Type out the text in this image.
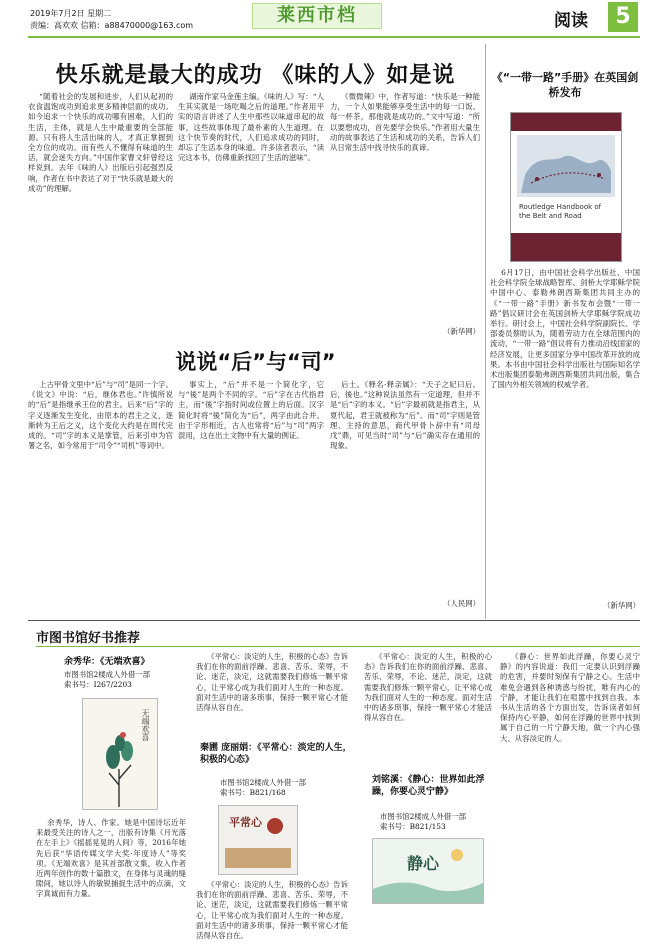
2019年7月2日 星期二
责编：高欢欢 信箱：a88470000@163.com	莱西市档	阅读	5
快乐就是最大的成功 《味的人》如是说

“随着社会的发展和进步，人们从起初的衣食温饱成功到追求更多精神层面的成功。如今追求一个快乐的成功哪有困难，人们的生活，主体，就是人生中最重要的全部能源。只有将人生活出味的人，才真正掌握到全方位的成功。而有些人不懂得有味道的生活，就会迷失方向。”中国作家曹文轩曾经这样说到。去年《味的人》出版后引起强烈反响，作者在书中表达了对于“快乐就是最大的成功”的理解。

湖南作家马金莲主编。《味的人》写：“人生其实就是一场吃喝之后的道理。”作者用平实的语言讲述了人生中那些以味道串起的故事，这些故事体现了最朴素的人生道理。在这个快节奏的时代，人们追求成功的同时，却忘了生活本身的味道。许多读者表示，“读完这本书，仿佛重新找回了生活的滋味”。

《微微辣》中，作者写道：“快乐是一种能力，一个人如果能够享受生活中的每一口饭、每一杯茶，那他就是成功的。”文中写道：“所以要想成功，首先要学会快乐。”作者用大量生动的故事表达了生活和成功的关系，告诉人们从日常生活中找寻快乐的真谛。

（新华网）
说说“后”与“司”

上古甲骨文里中“后”与“司”是同一个字。《说文》中说：“后，继体君也。”许慎所说的“后”是指继承王位的君主。后来“后”字的字义逐渐发生变化，由原本的君主之义，逐渐转为王后之义，这个变化大约是在周代完成的。“司”字的本义是掌管，后来引申为官署之名，如今常用于“司令”“司机”等词中。

事实上，“后”并不是一个简化字，它与“後”是两个不同的字。“后”字在古代指君主，而“後”字指时间或位置上的后面。汉字简化时将“後”简化为“后”，两字由此合并。由于字形相近，古人也常将“后”与“司”两字混用，这在出土文物中有大量的例证。

后土。《释名·释亲属》：“天子之妃曰后。后，後也。”这种说法虽然有一定道理，但并不是“后”字的本义。“后”字最初就是指君主，从夏代起，君王就被称为“后”。而“司”字则是管理、主持的意思，商代甲骨卜辞中有“司母戊”鼎，可见当时“司”与“后”确实存在通用的现象。

（人民网）
《“一带一路”手册》在英国剑桥发布
Routledge Handbook of the Belt and Road

6月17日，由中国社会科学出版社、中国社会科学院全球战略智库、剑桥大学耶稣学院中国中心、泰勒弗朗西斯集团共同主办的《“一带一路”手册》新书发布会暨“一带一路”倡议研讨会在英国剑桥大学耶稣学院成功举行。研讨会上，中国社会科学院副院长、学部委员蔡昉认为，随着劳动力在全球范围内的流动，“一带一路”倡议将有力推动沿线国家的经济发展，让更多国家分享中国改革开放的成果。本书由中国社会科学出版社与国际知名学术出版集团泰勒弗朗西斯集团共同出版，集合了国内外相关领域的权威学者。

（新华网）
市图书馆好书推荐
余秀华：《无端欢喜》
市图书馆2楼成人外借一部
索书号：I267/2203
无端欢喜

余秀华，诗人、作家。她是中国诗坛近年来最受关注的诗人之一，出版有诗集《月光落在左手上》《摇摇晃晃的人间》等，2016年她先后获“华语传媒文学大奖·年度诗人”等奖项。《无端欢喜》是其首部散文集，收入作者近两年创作的数十篇散文，在身体与灵魂的缝隙间，她以诗人的敏锐捕捉生活中的点滴，文字真诚而有力量。

秦圃 庞丽娟：《平常心：淡定的人生，积极的心态》
市图书馆2楼成人外借一部
索书号：B821/168
平常心

《平常心：淡定的人生，积极的心态》告诉我们在你的面前浮躁、悲喜、苦乐、荣辱，不论、迷茫，淡定，这就需要我们修炼一颗平常心，让平常心成为我们面对人生的一种态度。面对生活中的诸多琐事，保持一颗平常心才能活得从容自在。

《平常心：淡定的人生，积极的心态》告诉我们在你的面前浮躁、悲喜、苦乐、荣辱，不论、迷茫，淡定，这就需要我们修炼一颗平常心，让平常心成为我们面对人生的一种态度。面对生活中的诸多琐事，保持一颗平常心才能活得从容自在。

刘铭溪：《静心：世界如此浮躁，你要心灵宁静》
市图书馆2楼成人外借一部
索书号：B821/153
静心

《平常心：淡定的人生，积极的心态》告诉我们在你的面前浮躁、悲喜、苦乐、荣辱，不论、迷茫，淡定，这就需要我们修炼一颗平常心，让平常心成为我们面对人生的一种态度。面对生活中的诸多琐事，保持一颗平常心才能活得从容自在。

《静心：世界如此浮躁，你要心灵宁静》的内容说道：我们一定要认识到浮躁的危害，并要时刻保有宁静之心。生活中难免会遇到各种诱惑与纷扰，唯有内心的宁静，才能让我们在喧嚣中找到自我。本书从生活的各个方面出发，告诉读者如何保持内心平静，如何在浮躁的世界中找到属于自己的一片宁静天地，做一个内心强大、从容淡定的人。
